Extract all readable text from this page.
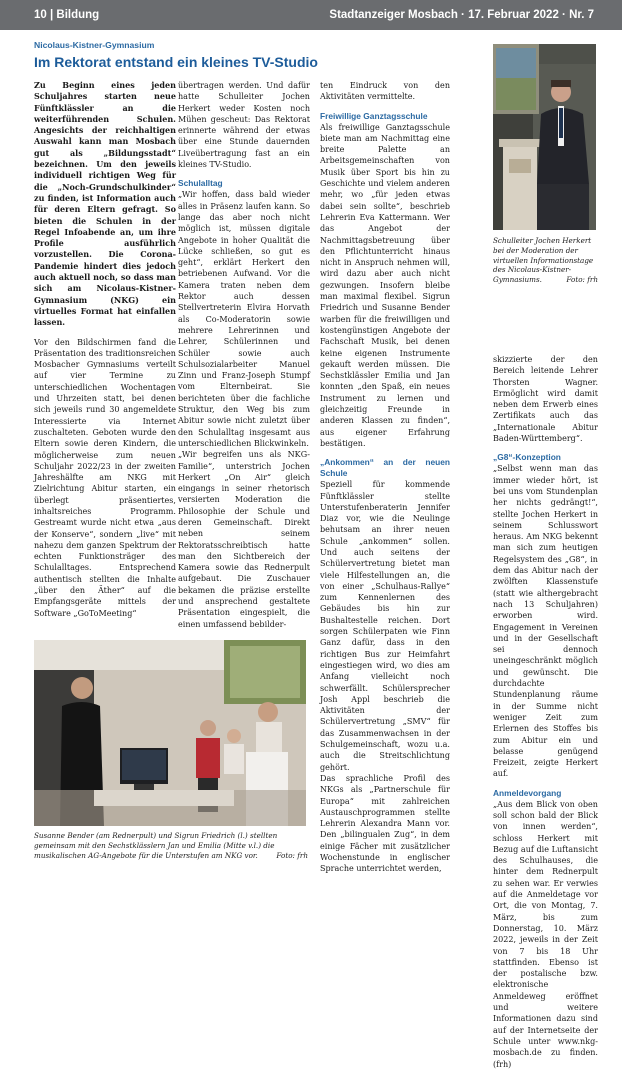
10 | Bildung	Stadtanzeiger Mosbach · 17. Februar 2022 · Nr. 7
Nicolaus-Kistner-Gymnasium
Im Rektorat entstand ein kleines TV-Studio

Zu Beginn eines jeden Schuljahres starten neue Fünftklässler an die weiterführenden Schulen. Angesichts der reichhaltigen Auswahl kann man Mosbach gut als „Bildungsstadt“ bezeichnen. Um den jeweils individuell richtigen Weg für die „Noch-Grundschulkinder“ zu finden, ist Information auch für deren Eltern gefragt. So bieten die Schulen in der Regel Infoabende an, um ihre Profile ausführlich vorzustellen. Die Corona-Pandemie hindert dies jedoch auch aktuell noch, so dass man sich am Nicolaus-Kistner-Gymnasium (NKG) ein virtuelles Format hat einfallen lassen.

Vor den Bildschirmen fand die Präsentation des traditionsreichen Mosbacher Gymnasiums verteilt auf vier Termine zu unterschiedlichen Wochentagen und Uhrzeiten statt, bei denen sich jeweils rund 30 angemeldete Interessierte via Internet zuschalteten. Geboten wurde den Eltern sowie deren Kindern, die möglicherweise zum neuen Schuljahr 2022/23 in der zweiten Jahreshälfte am NKG mit Zielrichtung Abitur starten, ein überlegt präsentiertes, inhaltsreiches Programm. Gestreamt wurde nicht etwa „aus der Konserve“, sondern „live“ mit nahezu dem ganzen Spektrum der echten Funktionsträger des Schulalltages. Entsprechend authentisch stellten die Inhalte „über den Äther“ auf die Empfangsgeräte mittels der Software „GoToMeeting“

übertragen werden. Und dafür hatte Schulleiter Jochen Herkert weder Kosten noch Mühen gescheut: Das Rektorat erinnerte während der etwas über eine Stunde dauernden Liveübertragung fast an ein kleines TV-Studio.

Schulalltag

„Wir hoffen, dass bald wieder alles in Präsenz laufen kann. So lange das aber noch nicht möglich ist, müssen digitale Angebote in hoher Qualität die Lücke schließen, so gut es geht“, erklärt Herkert den betriebenen Aufwand. Vor die Kamera traten neben dem Rektor auch dessen Stellvertreterin Elvira Horvath als Co-Moderatorin sowie mehrere Lehrerinnen und Lehrer, Schülerinnen und Schüler sowie auch Schulsozialarbeiter Manuel Zinn und Franz-Joseph Stumpf vom Elternbeirat. Sie berichteten über die fachliche Struktur, den Weg bis zum Abitur sowie nicht zuletzt über den Schulalltag insgesamt aus unterschiedlichen Blickwinkeln.

„Wir begreifen uns als NKG-Familie“, unterstrich Jochen Herkert „On Air“ gleich eingangs in seiner rhetorisch versierten Moderation die Philosophie der Schule und deren Gemeinschaft. Direkt neben seinem Rektoratsschreibtisch hatte man den Sichtbereich der Kamera sowie das Rednerpult aufgebaut. Die Zuschauer bekamen die präzise erstellte und ansprechend gestaltete Präsentation eingespielt, die einen umfassend bebilder-

ten Eindruck von den Aktivitäten vermittelte.

Freiwillige Ganztagsschule

Als freiwillige Ganztagsschule biete man am Nachmittag eine breite Palette an Arbeitsgemeinschaften von Musik über Sport bis hin zu Geschichte und vielem anderen mehr, wo „für jeden etwas dabei sein sollte“, beschrieb Lehrerin Eva Kattermann. Wer das Angebot der Nachmittagsbetreuung über den Pflichtunterricht hinaus nicht in Anspruch nehmen will, wird dazu aber auch nicht gezwungen. Insofern bleibe man maximal flexibel. Sigrun Friedrich und Susanne Bender warben für die freiwilligen und kostengünstigen Angebote der Fachschaft Musik, bei denen keine eigenen Instrumente gekauft werden müssen. Die Sechstklässler Emilia und Jan konnten „den Spaß, ein neues Instrument zu lernen und gleichzeitig Freunde in anderen Klassen zu finden“, aus eigener Erfahrung bestätigen.

„Ankommen“ an der neuen Schule

Speziell für kommende Fünftklässler stellte Unterstufenberaterin Jennifer Diaz vor, wie die Neulinge behutsam an ihrer neuen Schule „ankommen“ sollen. Und auch seitens der Schülervertretung bietet man viele Hilfestellungen an, die von einer „Schulhaus-Rallye“ zum Kennenlernen des Gebäudes bis hin zur Bushaltestelle reichen. Dort sorgen Schülerpaten wie Finn Ganz dafür, dass in den richtigen Bus zur Heimfahrt eingestiegen wird, wo dies am Anfang vielleicht noch schwerfällt. Schülersprecher Josh Appl beschrieb die Aktivitäten der Schülervertretung „SMV“ für das Zusammenwachsen in der Schulgemeinschaft, wozu u.a. auch die Streitschlichtung gehört.

Das sprachliche Profil des NKGs als „Partnerschule für Europa“ mit zahlreichen Austauschprogrammen stellte Lehrerin Alexandra Mann vor. Den „bilingualen Zug“, in dem einige Fächer mit zusätzlicher Wochenstunde in englischer Sprache unterrichtet werden,

Schulleiter Jochen Herkert bei der Moderation der virtuellen Informationstage des Nicolaus-Kistner-Gymnasiums.	Foto: frh

skizzierte der den Bereich leitende Lehrer Thorsten Wagner. Ermöglicht wird damit neben dem Erwerb eines Zertifikats auch das „Internationale Abitur Baden-Württemberg“.

„G8“-Konzeption

„Selbst wenn man das immer wieder hört, ist bei uns vom Stundenplan her nichts gedrängt!“, stellte Jochen Herkert in seinem Schlusswort heraus. Am NKG bekennt man sich zum heutigen Regelsystem des „G8“, in dem das Abitur nach der zwölften Klassenstufe (statt wie althergebracht nach 13 Schuljahren) erworben wird. Engagement in Vereinen und in der Gesellschaft sei dennoch uneingeschränkt möglich und gewünscht. Die durchdachte Stundenplanung räume in der Summe nicht weniger Zeit zum Erlernen des Stoffes bis zum Abitur ein und belasse genügend Freizeit, zeigte Herkert auf.

Anmeldevorgang

„Aus dem Blick von oben soll schon bald der Blick von innen werden“, schloss Herkert mit Bezug auf die Luftansicht des Schulhauses, die hinter dem Rednerpult zu sehen war. Er verwies auf die Anmeldetage vor Ort, die von Montag, 7. März, bis zum Donnerstag, 10. März 2022, jeweils in der Zeit von 7 bis 18 Uhr stattfinden. Ebenso ist der postalische bzw. elektronische Anmeldeweg eröffnet und weitere Informationen dazu sind auf der Internetseite der Schule unter www.nkg-mosbach.de zu finden. (frh)

Susanne Bender (am Rednerpult) und Sigrun Friedrich (l.) stellten gemeinsam mit den Sechstklässlern Jan und Emilia (Mitte v.l.) die musikalischen AG-Angebote für die Unterstufen am NKG vor.	Foto: frh
